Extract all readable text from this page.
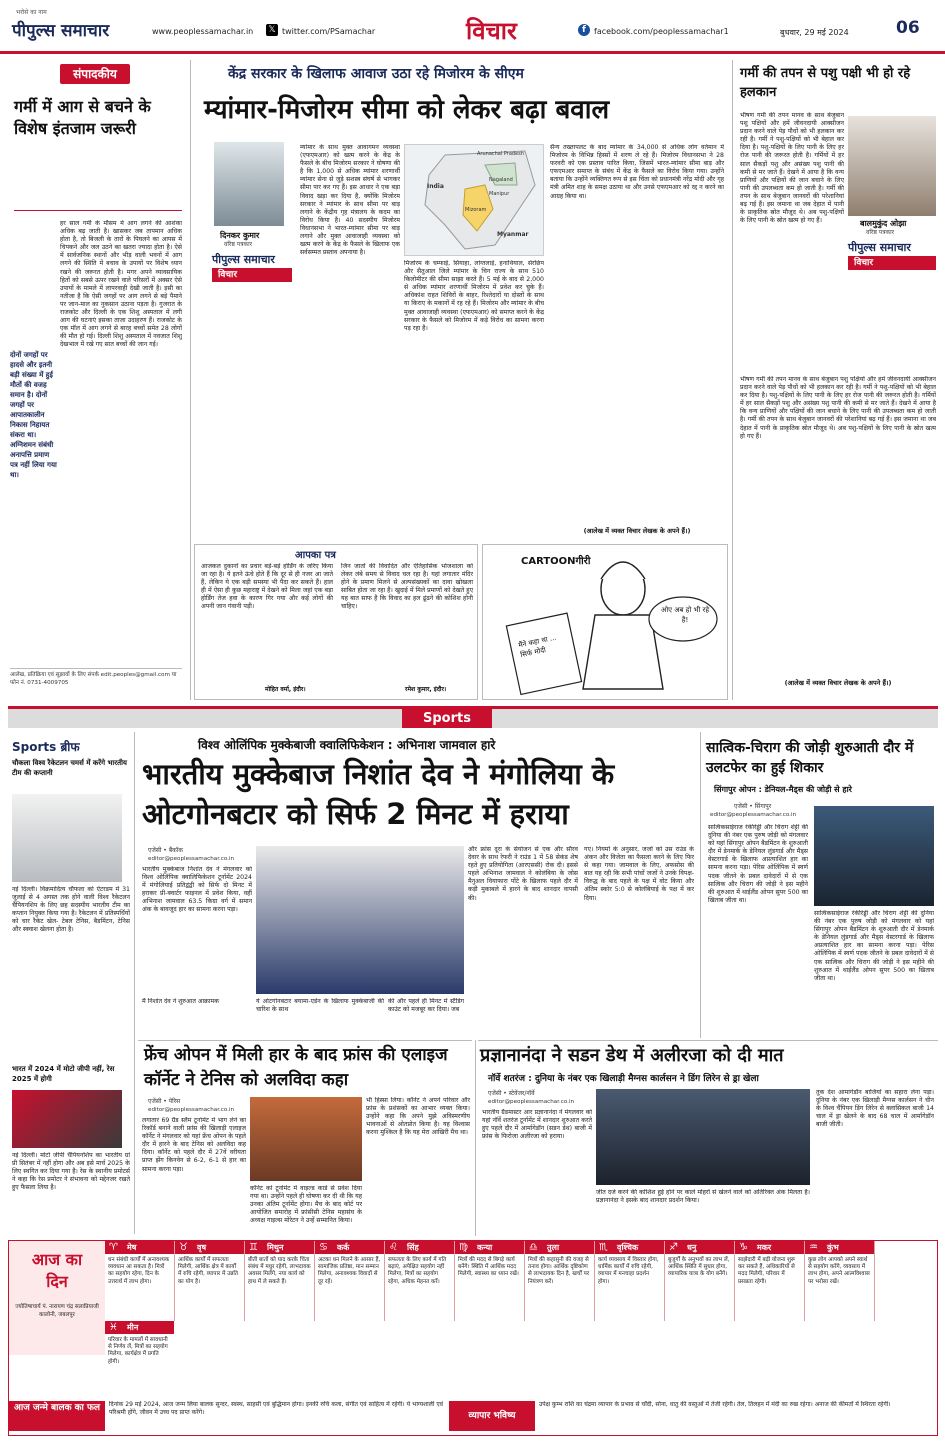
पीपुल्स समाचार
भरोसे का नाम
www.peoplessamachar.in 𝕏 twitter.com/PSamachar	विचार	f	facebook.com/peoplessamachar1	बुधवार, 29 मई 2024	06
संपादकीय
गर्मी में आग से बचने के विशेष इंतजाम जरूरी
हर साल गर्मी के मौसम में आग लगने की आशंका अधिक बढ़ जाती है। खासकर जब तापमान अधिक होता है, तो बिजली के तारों के पिघलने का आपस में चिपकने और जल उठने का खतरा ज्यादा होता है। ऐसे में सार्वजनिक स्थानों और भीड़ वाली भवनों में आग लगने की स्थिति में बचाव के उपायों पर विशेष ध्यान रखने की जरूरत होती है। मगर अपने व्यावसायिक हितों को सबसे ऊपर रखने वाले परिसरों में अक्सर ऐसे उपायों के मामले में लापरवाही देखी जाती है। इसी का नतीजा है कि ऐसी जगहों पर आग लगने से बड़े पैमाने पर जान-माल का नुकसान उठाना पड़ता है। गुजरात के राजकोट और दिल्ली के एक शिशु अस्पताल में लगी आग की घटनाएं इसका ताजा उदाहरण हैं। राजकोट के एक मॉल में आग लगने से बारह बच्चों समेत 28 लोगों की मौत हो गई। दिल्ली शिशु अस्पताल में नवजात शिशु देखभाल में रखे गए सात बच्चों की जान गई।
दोनों जगहों पर हादसे और इतनी बड़ी संख्या में हुई मौतों की वजह समान है। दोनों जगहों पर आपातकालीन निकास निहायत संकरा था। अग्निशमन संबंधी अनापत्ति प्रमाण पत्र नहीं लिया गया था।
आलेख, प्रतिक्रिया एवं सुझावों के लिए संपर्क edit.peoples@gmail.com या फोन नं. 0731-4009705
केंद्र सरकार के खिलाफ आवाज उठा रहे मिजोरम के सीएम
म्यांमार-मिजोरम सीमा को लेकर बढ़ा बवाल
दिनकर कुमार
वरिष्ठ पत्रकार
पीपुल्स समाचार
विचार
म्यांमार के साथ मुक्त आवागमन व्यवस्था (एफएमआर) को खत्म करने के केंद्र के फैसले के बीच मिजोरम सरकार ने घोषणा की है कि 1,000 से अधिक म्यांमार शरणार्थी म्यांमार सेना से जुड़े सशस्त्र संघर्ष से भागकर सीमा पार कर गए हैं। इस आधार ने एक बड़ा विवाद खड़ा कर दिया है, क्योंकि मिजोरम सरकार ने म्यांमार के साथ सीमा पर बाड़ लगाने के केंद्रीय गृह मंत्रालय के कदम का विरोध किया है। 40 सदस्यीय मिजोरम विधानसभा ने भारत-म्यांमार सीमा पर बाड़ लगाने और मुक्त आवाजाही व्यवस्था को खत्म करने के केंद्र के फैसले के खिलाफ एक सर्वसम्मत प्रस्ताव अपनाया है।
Arunachal Pradesh
India
Nagaland
Manipur
Mizoram
Myanmar
मिजोरम के चम्फाई, सियाहा, लांग्तलाई, हनाथियाल, सेरछिप और सैतुआल जिले म्यांमार के चिन राज्य के साथ 510 किलोमीटर की सीमा साझा करते हैं। 5 मई के बाद से 2,000 से अधिक म्यांमार शरणार्थी मिजोरम में प्रवेश कर चुके हैं। अधिकांश राहत शिविरों के बाहर, रिश्तेदारों या दोस्तों के साथ या किराए के मकानों में रह रहे हैं। मिजोरम और म्यांमार के बीच मुक्त आवाजाही व्यवस्था (एफएमआर) को समाप्त करने के केंद्र सरकार के फैसले को मिजोरम में कड़े विरोध का सामना करना पड़ रहा है।
सैन्य तख्तापलट के बाद म्यांमार के 34,000 से अधिक लोग वर्तमान में मिजोरम के विभिन्न हिस्सों में शरण ले रहे हैं। मिजोरम विधानसभा ने 28 फरवरी को एक प्रस्ताव पारित किया, जिसमें भारत-म्यांमार सीमा बाड़ और एफएमआर समाप्त के संबंध में केंद्र के फैसले का विरोध किया गया। उन्होंने बताया कि उन्होंने व्यक्तिगत रूप से इस चिंता को प्रधानमंत्री नरेंद्र मोदी और गृह मंत्री अमित शाह के समक्ष उठाया था और उनसे एफएमआर को रद्द न करने का आग्रह किया था।
(आलेख में व्यक्त विचार लेखक के अपने हैं।)
गर्मी की तपन से पशु पक्षी भी हो रहे हलकान
भीषण गर्मी की तपन मानव के साथ बेजुबान पशु पक्षियों और हमें जीवनदायी आक्सीजन प्रदान करने वाले पेड़ पौधों को भी हलकान कर रही है। गर्मी ने पशु-पक्षियों को भी बेहाल कर दिया है। पशु-पक्षियों के लिए पानी के लिए हर रोज पानी की जरूरत होती है। गर्मियों में हर साल सैकड़ों पशु और असंख्य पशु पानी की कमी से मर जाते हैं। देखने में आया है कि वन्य प्राणियों और पक्षियों की जान बचाने के लिए पानी की उपलब्धता कम हो जाती है। गर्मी की तपन के साथ बेजुबान जानवरों की परेशानियां बढ़ गई हैं। इस जमाना था जब देहात में पानी के प्राकृतिक स्रोत मौजूद थे। अब पशु-पक्षियों के लिए पानी के स्रोत खत्म हो गए हैं।	बालमुकुंद ओझा
वरिष्ठ पत्रकार
पीपुल्स समाचार
विचार
भीषण गर्मी की तपन मानव के साथ बेजुबान पशु पक्षियों और हमें जीवनदायी आक्सीजन प्रदान करने वाले पेड़ पौधों को भी हलकान कर रही है। गर्मी ने पशु-पक्षियों को भी बेहाल कर दिया है। पशु-पक्षियों के लिए पानी के लिए हर रोज पानी की जरूरत होती है। गर्मियों में हर साल सैकड़ों पशु और असंख्य पशु पानी की कमी से मर जाते हैं। देखने में आया है कि वन्य प्राणियों और पक्षियों की जान बचाने के लिए पानी की उपलब्धता कम हो जाती है। गर्मी की तपन के साथ बेजुबान जानवरों की परेशानियां बढ़ गई हैं। इस जमाना था जब देहात में पानी के प्राकृतिक स्रोत मौजूद थे। अब पशु-पक्षियों के लिए पानी के स्रोत खत्म हो गए हैं।
(आलेख में व्यक्त विचार लेखक के अपने हैं।)
आपका पत्र
आजकल दुकानों का प्रचार बड़े-बड़े होर्डिंग के जरिए किया जा रहा है। ये इतने ऊंचे होते हैं कि दूर से ही नजर आ जाते हैं, लेकिन ये एक बड़ी समस्या भी पैदा कर सकते हैं। हाल ही में ऐसा ही कुछ महाराष्ट्र में देखने को मिला जहां एक बड़ा होर्डिंग तेज हवा के कारण गिर गया और कई लोगों की अपनी जान गंवानी पड़ी।
मोहित वर्मा, इंदौर।
जिन जातों की विवादित और ऐतिहासिक भोजशाला को लेकर लंबे समय से विवाद चल रहा है। यहां लगातार मंदिर होने के प्रमाण मिलने से अल्पसंख्यकों का दावा खोखला साबित होता जा रहा है। खुदाई में मिले प्रमाणों को देखते हुए यह बात साफ है कि विवाद का हल ढूंढने की कोशिश होनी चाहिए।
रमेश कुमार, इंदौर।
CARTOONगीरी
मैंने कहा था ... सिर्फ मोदी
ओए अब हो भी रहे है!
Sports
Sports ब्रीफ
चौकला विश्व रैकेटलन चमर्स में करेंगे भारतीय टीम की कप्तानी
नई दिल्ली। विक्रमादित्य चौफला को ऐंटरडम में 31 जुलाई से 4 अगस्त तक होने वाली विश्व रैकेटलन चैंपियनशिप के लिए छह सदस्यीय भारतीय टीम का कप्तान नियुक्त किया गया है। रैकेटलन में प्रतिस्पर्धियों को चार रैकेट खेल- टेबल टेनिस, बैडमिंटन, टेनिस और स्क्वाश खेलना होता है।
भारत में 2024 में मोटो जीपी नहीं, रेस 2025 में होगी
नई दिल्ली। मोटो जीपी चैंपियनशिप का भारतीय ग्रां प्री सितंबर में नहीं होगा और अब इसे मार्च 2025 के लिए स्थगित कर दिया गया है। रेस के स्थानीय प्रमोटर्स ने कहा कि रेस प्रमोटर ने संभावना को मद्देनजर रखते हुए फैसला लिया है।
विश्व ओलिंपिक मुक्केबाजी क्वालिफिकेशन : अभिनाश जामवाल हारे
भारतीय मुक्केबाज निशांत देव ने मंगोलिया के ओटगोनबटार को सिर्फ 2 मिनट में हराया
एजेंसी • बैंकॉक
editor@peoplessamachar.co.in
भारतीय मुक्केबाज निशांत देव ने मंगलवार को विश्व ओलिंपिक क्वालिफिकेशन टूर्नामेंट 2024 में मंगोलियाई प्रतिद्वंद्वी को सिर्फ दो मिनट में हराकर प्री-क्वार्टर फाइनल में प्रवेश किया, वहीं अभिनाश जामवाल 63.5 किग्रा वर्ग में समान अंक के बावजूद हार का सामना करना पड़ा।
ये ओटगोनबटार बयामा-एर्डेन के खिलाफ मुक्केबाजी की चारिश के साथ
मैं निशांत देव ने शुरुआत आक्रामक	की और पहले ही मिनट में स्टैंडिंग काउंट को मजबूर कर दिया। जब
और फ्रांस दूरा के सेयोजन से एक और सौरव देवार के साथ रेफरी ने राउंड 1 में 58 सेकंड शेष रहते हुए प्रतियोगिता (आरएससी) रोक दी। इससे पहले अभिनाश जामवाल ने कोलंबिया के जोस मैनुअल वियाफारा पोंटे के खिलाफ पहले दौर में कड़ी मुकाबले में हारने के बाद शानदार वापसी की।
गए। नियमों के अनुसार, जजों को उस राउंड के अंकन और विजेता का फैसला करने के लिए फिर से कहा गया। जामवाल के लिए, अफसोस की बात यह रही कि सभी पांचों जजों ने उनके विपक्ष-विरुद्ध के बाद पहले के पक्ष में वोट किया और अंतिम स्कोर 5:0 से कोलंबियाई के पक्ष में कर दिया।
सात्विक-चिराग की जोड़ी शुरुआती दौर में उलटफेर का हुई शिकार
सिंगापुर ओपन : डेनियल-मैड्स की जोड़ी से हारे
एजेंसी • सिंगापुर
editor@peoplessamachar.co.in
सात्विकसाईराज रंकीरेड्डी और चिराग शेट्टी की दुनिया की नंबर एक पुरुष जोड़ी को मंगलवार को यहां सिंगापुर ओपन बैडमिंटन के शुरुआती दौर में डेनमार्क के डेनियल लुंडगार्ड और मैड्स वेस्टरगार्ड के खिलाफ अप्रत्याशित हार का सामना करना पड़ा। पेरिस ओलिंपिक में स्वर्ण पदक जीतने के प्रबल दावेदारों में से एक सात्विक और चिराग की जोड़ी ने इस महीने की शुरुआत में थाईलैंड ओपन सुपर 500 का खिताब जीता था।
सात्विकसाईराज रंकीरेड्डी और चिराग शेट्टी की दुनिया की नंबर एक पुरुष जोड़ी को मंगलवार को यहां सिंगापुर ओपन बैडमिंटन के शुरुआती दौर में डेनमार्क के डेनियल लुंडगार्ड और मैड्स वेस्टरगार्ड के खिलाफ अप्रत्याशित हार का सामना करना पड़ा। पेरिस ओलिंपिक में स्वर्ण पदक जीतने के प्रबल दावेदारों में से एक सात्विक और चिराग की जोड़ी ने इस महीने की शुरुआत में थाईलैंड ओपन सुपर 500 का खिताब जीता था।
फ्रेंच ओपन में मिली हार के बाद फ्रांस की एलाइज कॉर्नेट ने टेनिस को अलविदा कहा
एजेंसी • पेरिस
editor@peoplessamachar.co.in
लगातार 69 ग्रैंड स्लैम टूर्नामेंट में भाग लेने का रिकॉर्ड बनाने वाली फ्रांस की खिलाड़ी एलाइज कॉर्नेट ने मंगलवार को यहां फ्रेंच ओपन के पहले दौर में हारने के बाद टेनिस को अलविदा कह दिया। कॉर्नेट को पहले दौर में 27वें वरीयता प्राप्त झेंग किनवेन से 6-2, 6-1 से हार का सामना करना पड़ा।
कॉर्नेट को टूर्नामेंट में वाइल्ड कार्ड से प्रवेश दिया गया था। उन्होंने पहले ही घोषणा कर दी थी कि यह उनका अंतिम टूर्नामेंट होगा। मैच के बाद कोर्ट पर आयोजित समारोह में फ्रांसीसी टेनिस महासंघ के अध्यक्ष गाइल्स मोरेटन ने उन्हें सम्मानित किया।
भी हिस्सा लिया। कॉर्नेट ने अपने परिवार और फ्रांस के प्रशंसकों का आभार व्यक्त किया। उन्होंने कहा कि अपने मुझे अविस्मरणीय भावनाओं से ओतप्रोत किया है। यह विश्वास करना मुश्किल है कि यह मेरा आखिरी मैच था।
प्रज्ञानानंदा ने सडन डेथ में अलीरजा को दी मात
नॉर्वे शतरंज : दुनिया के नंबर एक खिलाड़ी मैग्नस कार्लसन ने डिंग लिरेन से ड्रा खेला
एजेंसी • स्टेवेंजर/नॉर्वे
editor@peoplessamachar.co.in
भारतीय ग्रैंडमास्टर आर प्रज्ञानानंदा ने मंगलवार को यहां नॉर्वे शतरंज टूर्नामेंट में शानदार शुरुआत करते हुए पहले दौर में आर्मागेडॉन (सडन डेथ) बाजी में फ्रांस के फिरोजा अलीरजा को हराया।
जीत दर्ज करने की कोशिश हुई होने पर काले मोहरों से खेलने वाले को अतिरिक्त अंक मिलता है। प्रज्ञानानंदा ने इसके बाद शानदार प्रदर्शन किया।
तुक देश आमागेडॉन बाजियों का सहारा लेना पड़ा। दुनिया के नंबर एक खिलाड़ी मैग्नस कार्लसन ने चीन के विश्व चैंपियन डिंग लिरेन से क्लासिकल बाजी 14 चाल में ड्रा खेलने के बाद 68 चाल में आर्मागेडॉन बाजी जीती।
आज का दिन
ज्योतिषाचार्य पं. नारायण चंद्र सलाप्रियाजी कालोनी, जबलपुर
♈ मेष
धन संबंधी कार्यों में अनावश्यक व्यवधान आ सकता है। मित्रों का सहयोग रहेगा, दिन के उत्तरार्ध में लाभ होगा।
♉ वृष
आर्थिक कार्यों में सफलता मिलेगी, आर्थिक क्षेत्र में कार्यों में रुचि रहेगी, व्यापार में उन्नति का योग है।
♊ मिथुन
बीती बातों को याद करके चिंता संबंध में मधुर रहेगी, लाभदायक अवसर मिलेंगे, नया कार्य को हाथ में ले सकते हैं।
♋ कर्क
अटका धन मिलने के आसार हैं, सामाजिक प्रतिष्ठा, मान सम्मान मिलेगा, अनावश्यक विवादों से दूर रहें।
♌ सिंह
सफलता के लिए कार्य में गति बढ़ाएं, अपेक्षित सहयोग नहीं मिलेगा, मित्रों का सहयोग रहेगा, अधिक मेहनत करें।
♍ कन्या
मित्रों की मदद से बिगड़े कार्य बनेंगे। स्थिति में आर्थिक मदद मिलेगी, स्वास्थ्य का ध्यान रखें।
♎ तुला
मित्रों की कहासुनी की वजह से तनाव होगा। आर्थिक दृष्टिकोण से लाभदायक दिन है, खर्चों पर नियंत्रण करें।
♏ वृश्चिक
कार्य व्यवसाय में विस्तार होगा, धार्मिक कार्यों में रुचि रहेगी, व्यापार में मनचाहा प्रदर्शन होगा।
♐ धनु
बुजुर्गों के अनुभवों का लाभ लें, आर्थिक स्थिति में सुधार होगा, व्यापारिक यात्रा के योग बनेंगे।
♑ मकर
साझेदारी में बड़ी योजना शुरू कर सकते हैं, अधिकारियों से मदद मिलेगी, परिवार में प्रसन्नता रहेगी।
♒ कुंभ
कुछ लोग आपको अपने स्वार्थ से सहयोग करेंगे, व्यवसाय में लाभ होगा, अपने आत्मविश्वास पर भरोसा रखें।
♓ मीन
परिवार के मामलों में सावधानी से निर्णय लें, मित्रों का सहयोग मिलेगा, कार्यक्षेत्र में प्रगति होगी।
आज जन्मे बालक का फल	दिनांक 29 मई 2024, आज जन्म लिया बालक सुन्दर, स्वस्थ, साहसी एवं बुद्धिमान होगा। इनकी रुचि कला, संगीत एवं साहित्य में रहेगी। ये भाग्यशाली एवं परिश्रमी होंगे, जीवन में उच्च पद प्राप्त करेंगे।	व्यापार भविष्य
उपेक्ष कुम्भ राशि का चंद्रमा व्यापार के प्रभाव से चाँदी, सोना, धातु की वस्तुओं में तेजी रहेगी। तेल, तिलहन में मंदी का रुख रहेगा। अनाज की कीमतों में स्थिरता रहेगी।
